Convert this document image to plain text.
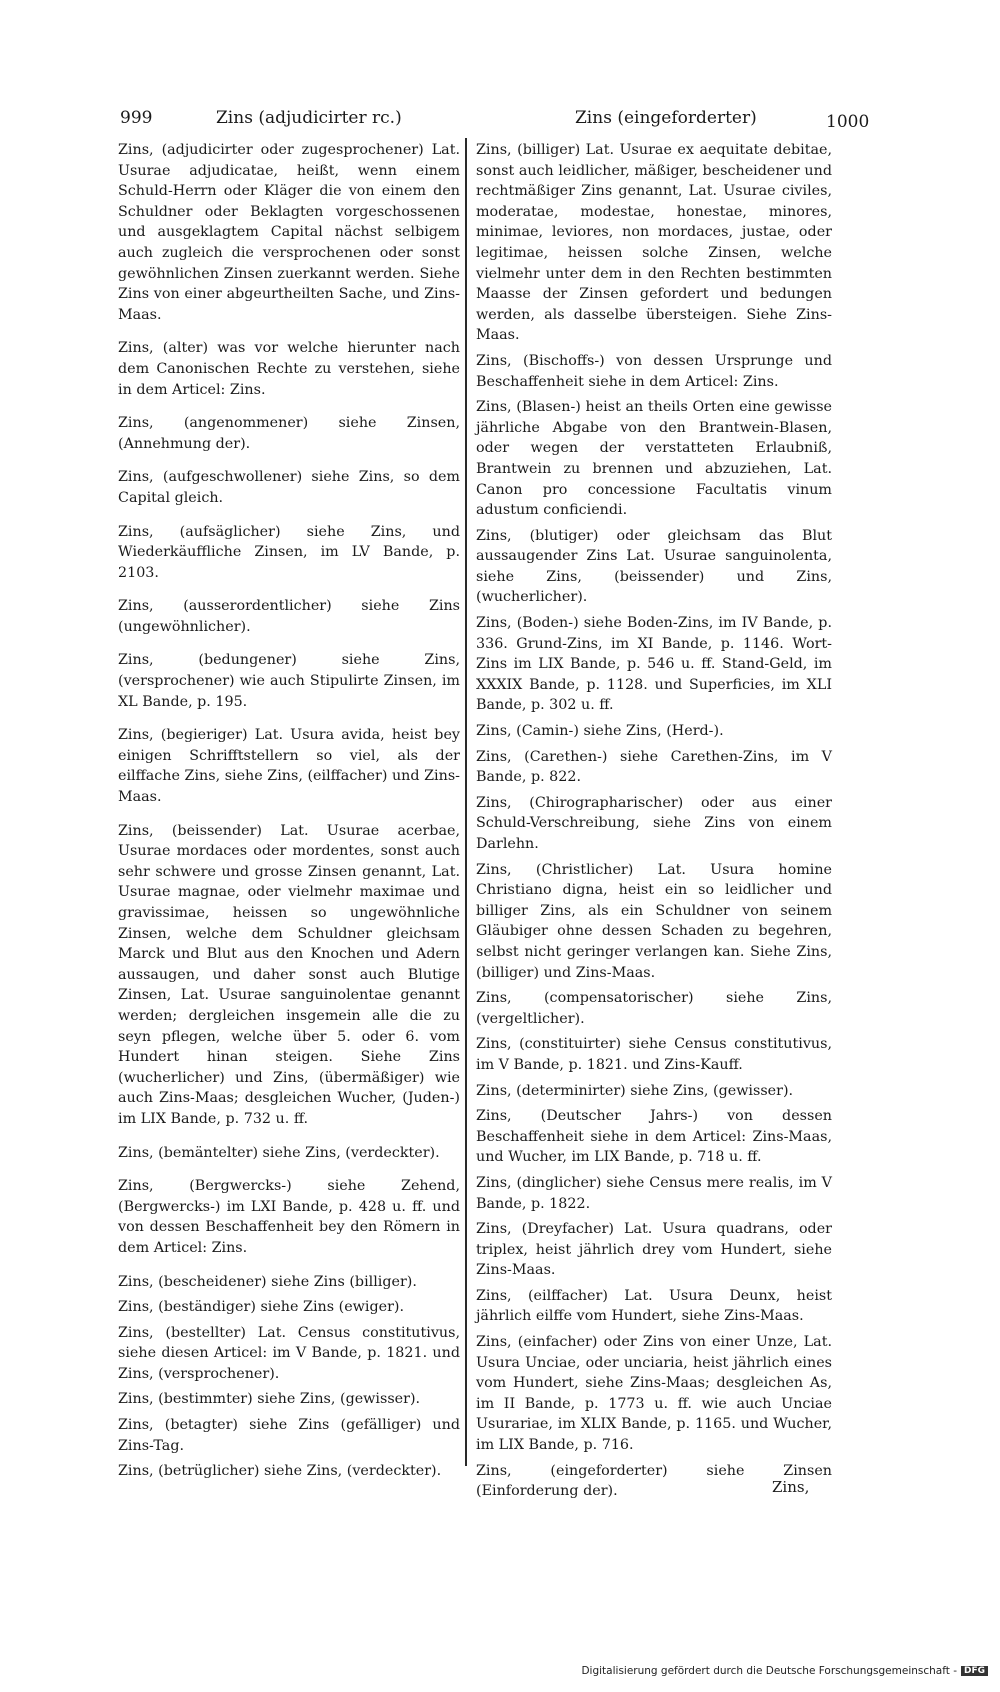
999	Zins (adjudicirter rc.)	Zins (eingeforderter)	1000

Zins, (adjudicirter oder zugesprochener) Lat. Usurae adjudicatae, heißt, wenn einem Schuld-Herrn oder Kläger die von einem den Schuldner oder Beklagten vorgeschossenen und ausgeklagtem Capital nächst selbigem auch zugleich die versprochenen oder sonst gewöhnlichen Zinsen zuerkannt werden. Siehe Zins von einer abgeurtheilten Sache, und Zins-Maas.

Zins, (alter) was vor welche hierunter nach dem Canonischen Rechte zu verstehen, siehe in dem Articel: Zins.

Zins, (angenommener) siehe Zinsen, (Annehmung der).

Zins, (aufgeschwollener) siehe Zins, so dem Capital gleich.

Zins, (aufsäglicher) siehe Zins, und Wiederkäuffliche Zinsen, im LV Bande, p. 2103.

Zins, (ausserordentlicher) siehe Zins (ungewöhnlicher).

Zins, (bedungener) siehe Zins, (versprochener) wie auch Stipulirte Zinsen, im XL Bande, p. 195.

Zins, (begieriger) Lat. Usura avida, heist bey einigen Schrifftstellern so viel, als der eilffache Zins, siehe Zins, (eilffacher) und Zins-Maas.

Zins, (beissender) Lat. Usurae acerbae, Usurae mordaces oder mordentes, sonst auch sehr schwere und grosse Zinsen genannt, Lat. Usurae magnae, oder vielmehr maximae und gravissimae, heissen so ungewöhnliche Zinsen, welche dem Schuldner gleichsam Marck und Blut aus den Knochen und Adern aussaugen, und daher sonst auch Blutige Zinsen, Lat. Usurae sanguinolentae genannt werden; dergleichen insgemein alle die zu seyn pflegen, welche über 5. oder 6. vom Hundert hinan steigen. Siehe Zins (wucherlicher) und Zins, (übermäßiger) wie auch Zins-Maas; desgleichen Wucher, (Juden-) im LIX Bande, p. 732 u. ff.

Zins, (bemäntelter) siehe Zins, (verdeckter).

Zins, (Bergwercks-) siehe Zehend, (Bergwercks-) im LXI Bande, p. 428 u. ff. und von dessen Beschaffenheit bey den Römern in dem Articel: Zins.

Zins, (bescheidener) siehe Zins (billiger).

Zins, (beständiger) siehe Zins (ewiger).

Zins, (bestellter) Lat. Census constitutivus, siehe diesen Articel: im V Bande, p. 1821. und Zins, (versprochener).

Zins, (bestimmter) siehe Zins, (gewisser).

Zins, (betagter) siehe Zins (gefälliger) und Zins-Tag.

Zins, (betrüglicher) siehe Zins, (verdeckter).

Zins, (billiger) Lat. Usurae ex aequitate debitae, sonst auch leidlicher, mäßiger, bescheidener und rechtmäßiger Zins genannt, Lat. Usurae civiles, moderatae, modestae, honestae, minores, minimae, leviores, non mordaces, justae, oder legitimae, heissen solche Zinsen, welche vielmehr unter dem in den Rechten bestimmten Maasse der Zinsen gefordert und bedungen werden, als dasselbe übersteigen. Siehe Zins-Maas.

Zins, (Bischoffs-) von dessen Ursprunge und Beschaffenheit siehe in dem Articel: Zins.

Zins, (Blasen-) heist an theils Orten eine gewisse jährliche Abgabe von den Brantwein-Blasen, oder wegen der verstatteten Erlaubniß, Brantwein zu brennen und abzuziehen, Lat. Canon pro concessione Facultatis vinum adustum conficiendi.

Zins, (blutiger) oder gleichsam das Blut aussaugender Zins Lat. Usurae sanguinolenta, siehe Zins, (beissender) und Zins, (wucherlicher).

Zins, (Boden-) siehe Boden-Zins, im IV Bande, p. 336. Grund-Zins, im XI Bande, p. 1146. Wort-Zins im LIX Bande, p. 546 u. ff. Stand-Geld, im XXXIX Bande, p. 1128. und Superficies, im XLI Bande, p. 302 u. ff.

Zins, (Camin-) siehe Zins, (Herd-).

Zins, (Carethen-) siehe Carethen-Zins, im V Bande, p. 822.

Zins, (Chirographarischer) oder aus einer Schuld-Verschreibung, siehe Zins von einem Darlehn.

Zins, (Christlicher) Lat. Usura homine Christiano digna, heist ein so leidlicher und billiger Zins, als ein Schuldner von seinem Gläubiger ohne dessen Schaden zu begehren, selbst nicht geringer verlangen kan. Siehe Zins, (billiger) und Zins-Maas.

Zins, (compensatorischer) siehe Zins, (vergeltlicher).

Zins, (constituirter) siehe Census constitutivus, im V Bande, p. 1821. und Zins-Kauff.

Zins, (determinirter) siehe Zins, (gewisser).

Zins, (Deutscher Jahrs-) von dessen Beschaffenheit siehe in dem Articel: Zins-Maas, und Wucher, im LIX Bande, p. 718 u. ff.

Zins, (dinglicher) siehe Census mere realis, im V Bande, p. 1822.

Zins, (Dreyfacher) Lat. Usura quadrans, oder triplex, heist jährlich drey vom Hundert, siehe Zins-Maas.

Zins, (eilffacher) Lat. Usura Deunx, heist jährlich eilffe vom Hundert, siehe Zins-Maas.

Zins, (einfacher) oder Zins von einer Unze, Lat. Usura Unciae, oder unciaria, heist jährlich eines vom Hundert, siehe Zins-Maas; desgleichen As, im II Bande, p. 1773 u. ff. wie auch Unciae Usurariae, im XLIX Bande, p. 1165. und Wucher, im LIX Bande, p. 716.

Zins, (eingeforderter) siehe Zinsen (Einforderung der).	Zins,
Digitalisierung gefördert durch die Deutsche Forschungsgemeinschaft - DFG
